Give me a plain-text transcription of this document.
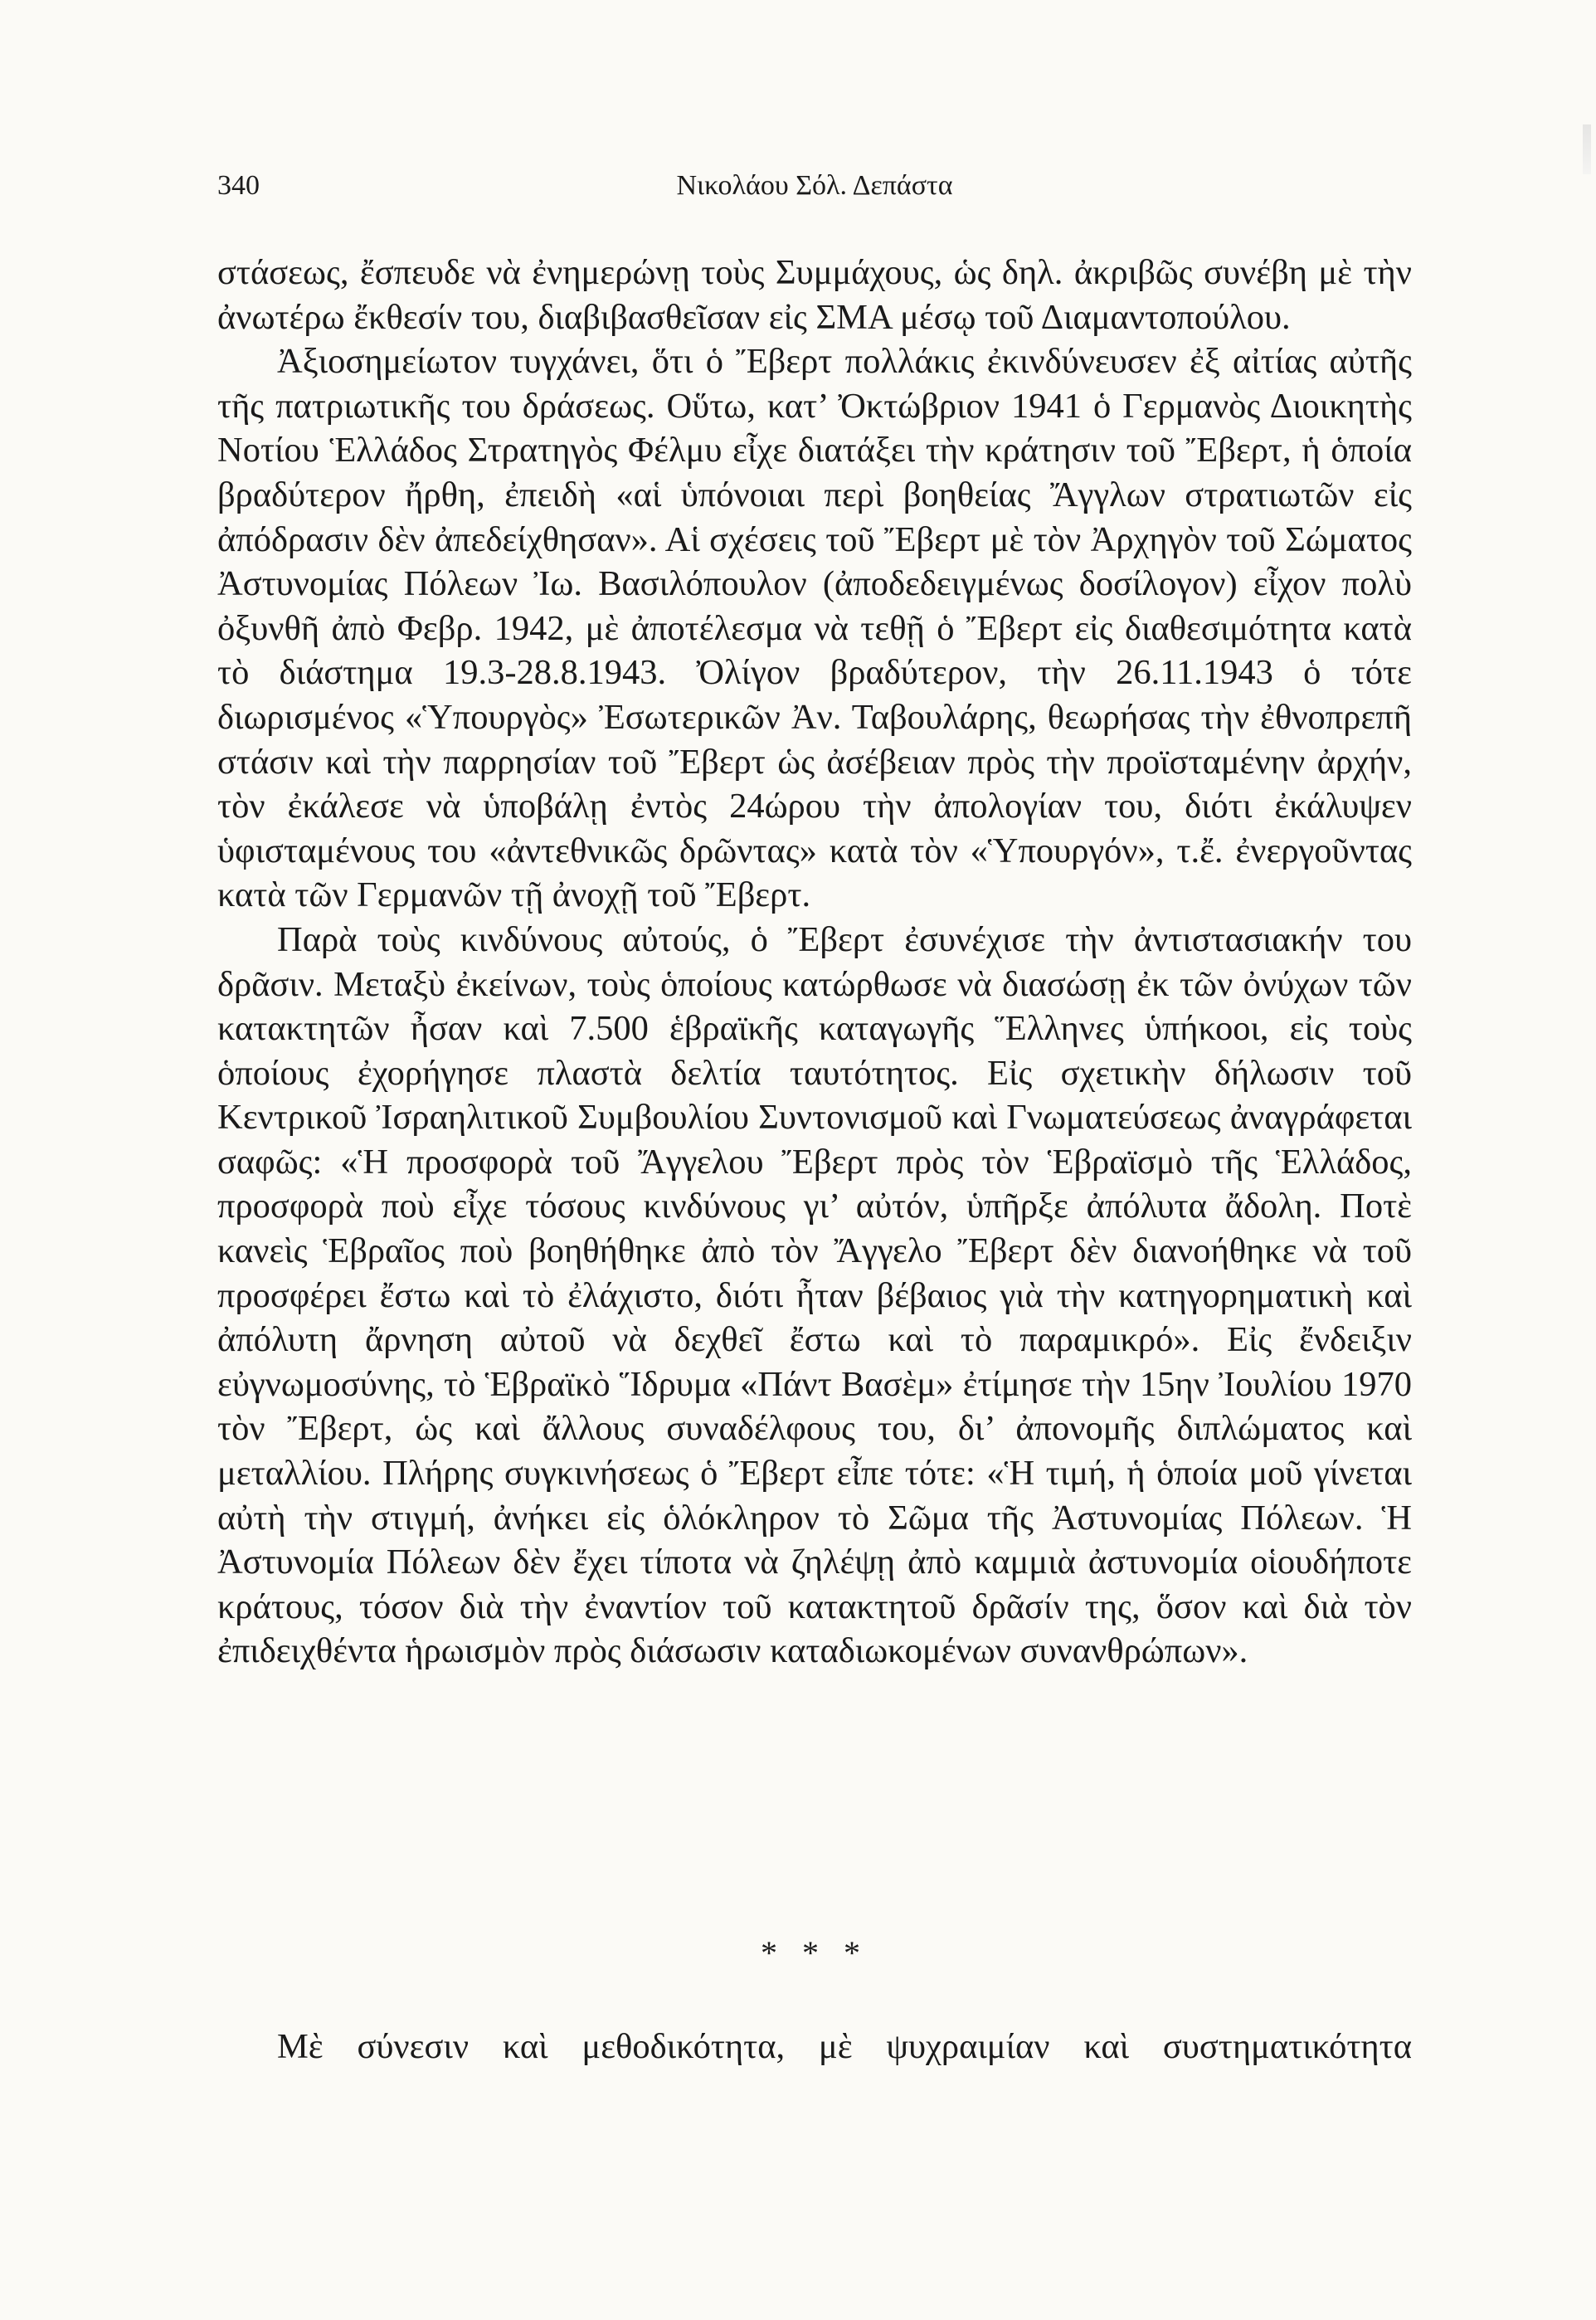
340	Νικολάου Σόλ. Δεπάστα

στάσεως, ἔσπευδε νὰ ἐνημερώνῃ τοὺς Συμμάχους, ὡς δηλ. ἀκριβῶς συνέβη μὲ τὴν ἀνωτέρω ἔκθεσίν του, διαβιβασθεῖσαν εἰς ΣΜΑ μέσῳ τοῦ Διαμαντοπούλου.

Ἀξιοσημείωτον τυγχάνει, ὅτι ὁ Ἔβερτ πολλάκις ἐκινδύνευσεν ἐξ αἰτίας αὐτῆς τῆς πατριωτικῆς του δράσεως. Οὕτω, κατ’ Ὀκτώβριον 1941 ὁ Γερμανὸς Διοικητὴς Νοτίου Ἑλλάδος Στρατηγὸς Φέλμυ εἶχε διατάξει τὴν κράτησιν τοῦ Ἔβερτ, ἡ ὁποία βραδύτερον ἤρθη, ἐπειδὴ «αἱ ὑπόνοιαι περὶ βοηθείας Ἄγγλων στρατιωτῶν εἰς ἀπόδρασιν δὲν ἀπεδείχθησαν». Αἱ σχέσεις τοῦ Ἔβερτ μὲ τὸν Ἀρχηγὸν τοῦ Σώματος Ἀστυνομίας Πόλεων Ἰω. Βασιλόπουλον (ἀποδεδειγμένως δοσίλογον) εἶχον πολὺ ὀξυνθῆ ἀπὸ Φεβρ. 1942, μὲ ἀποτέλεσμα νὰ τεθῇ ὁ Ἔβερτ εἰς διαθεσιμότητα κατὰ τὸ διάστημα 19.3-28.8.1943. Ὀλίγον βραδύτερον, τὴν 26.11.1943 ὁ τότε διωρισμένος «Ὑπουργὸς» Ἐσωτερικῶν Ἀν. Ταβουλάρης, θεωρήσας τὴν ἐθνοπρεπῆ στάσιν καὶ τὴν παρρησίαν τοῦ Ἔβερτ ὡς ἀσέβειαν πρὸς τὴν προϊσταμένην ἀρχήν, τὸν ἐκάλεσε νὰ ὑποβάλῃ ἐντὸς 24ώρου τὴν ἀπολογίαν του, διότι ἐκάλυψεν ὑφισταμένους του «ἀντεθνικῶς δρῶντας» κατὰ τὸν «Ὑπουργόν», τ.ἔ. ἐνεργοῦντας κατὰ τῶν Γερμανῶν τῇ ἀνοχῇ τοῦ Ἔβερτ.

Παρὰ τοὺς κινδύνους αὐτούς, ὁ Ἔβερτ ἐσυνέχισε τὴν ἀντιστασιακήν του δρᾶσιν. Μεταξὺ ἐκείνων, τοὺς ὁποίους κατώρθωσε νὰ διασώσῃ ἐκ τῶν ὀνύχων τῶν κατακτητῶν ἦσαν καὶ 7.500 ἑβραϊκῆς καταγωγῆς Ἕλληνες ὑπήκοοι, εἰς τοὺς ὁποίους ἐχορήγησε πλαστὰ δελτία ταυτότητος. Εἰς σχετικὴν δήλωσιν τοῦ Κεντρικοῦ Ἰσραηλιτικοῦ Συμβουλίου Συντονισμοῦ καὶ Γνωματεύσεως ἀναγράφεται σαφῶς: «Ἡ προσφορὰ τοῦ Ἄγγελου Ἔβερτ πρὸς τὸν Ἑβραϊσμὸ τῆς Ἑλλάδος, προσφορὰ ποὺ εἶχε τόσους κινδύνους γι’ αὐτόν, ὑπῆρξε ἀπόλυτα ἄδολη. Ποτὲ κανεὶς Ἑβραῖος ποὺ βοηθήθηκε ἀπὸ τὸν Ἄγγελο Ἔβερτ δὲν διανοήθηκε νὰ τοῦ προσφέρει ἔστω καὶ τὸ ἐλάχιστο, διότι ἦταν βέβαιος γιὰ τὴν κατηγορηματικὴ καὶ ἀπόλυτη ἄρνηση αὐτοῦ νὰ δεχθεῖ ἔστω καὶ τὸ παραμικρό». Εἰς ἔνδειξιν εὐγνωμοσύνης, τὸ Ἑβραϊκὸ Ἵδρυμα «Πάντ Βασὲμ» ἐτίμησε τὴν 15ην Ἰουλίου 1970 τὸν Ἔβερτ, ὡς καὶ ἄλλους συναδέλφους του, δι’ ἀπονομῆς διπλώματος καὶ μεταλλίου. Πλήρης συγκινήσεως ὁ Ἔβερτ εἶπε τότε: «Ἡ τιμή, ἡ ὁποία μοῦ γίνεται αὐτὴ τὴν στιγμή, ἀνήκει εἰς ὁλόκληρον τὸ Σῶμα τῆς Ἀστυνομίας Πόλεων. Ἡ Ἀστυνομία Πόλεων δὲν ἔχει τίποτα νὰ ζηλέψῃ ἀπὸ καμμιὰ ἀστυνομία οἱουδήποτε κράτους, τόσον διὰ τὴν ἐναντίον τοῦ κατακτητοῦ δρᾶσίν της, ὅσον καὶ διὰ τὸν ἐπιδειχθέντα ἡρωισμὸν πρὸς διάσωσιν καταδιωκομένων συνανθρώπων».

* * *
Μὲ σύνεσιν καὶ μεθοδικότητα, μὲ ψυχραιμίαν καὶ συστηματικότητα
